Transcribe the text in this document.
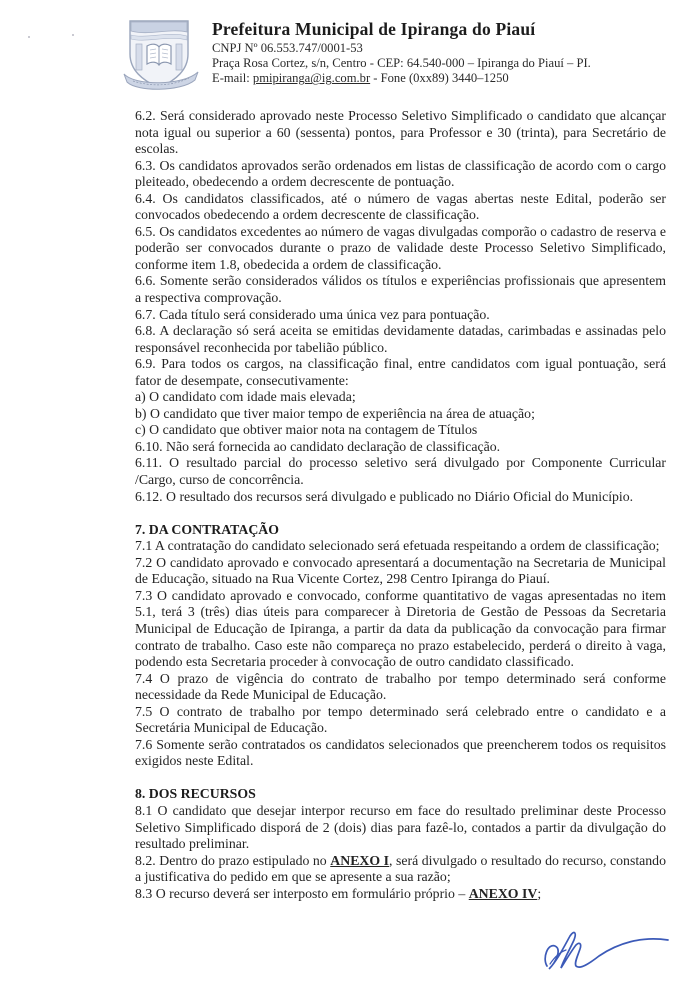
Prefeitura Municipal de Ipiranga do Piauí

CNPJ Nº 06.553.747/0001-53

Praça Rosa Cortez, s/n, Centro - CEP: 64.540-000 – Ipiranga do Piauí – PI.

E-mail: pmipiranga@ig.com.br - Fone (0xx89) 3440–1250

6.2. Será considerado aprovado neste Processo Seletivo Simplificado o candidato que alcançar nota igual ou superior a 60 (sessenta) pontos, para Professor e 30 (trinta), para Secretário de escolas.

6.3. Os candidatos aprovados serão ordenados em listas de classificação de acordo com o cargo pleiteado, obedecendo a ordem decrescente de pontuação.

6.4. Os candidatos classificados, até o número de vagas abertas neste Edital, poderão ser convocados obedecendo a ordem decrescente de classificação.

6.5. Os candidatos excedentes ao número de vagas divulgadas comporão o cadastro de reserva e poderão ser convocados durante o prazo de validade deste Processo Seletivo Simplificado, conforme item 1.8, obedecida a ordem de classificação.

6.6. Somente serão considerados válidos os títulos e experiências profissionais que apresentem a respectiva comprovação.

6.7. Cada título será considerado uma única vez para pontuação.

6.8. A declaração só será aceita se emitidas devidamente datadas, carimbadas e assinadas pelo responsável reconhecida por tabelião público.

6.9. Para todos os cargos, na classificação final, entre candidatos com igual pontuação, será fator de desempate, consecutivamente:

a) O candidato com idade mais elevada;

b) O candidato que tiver maior tempo de experiência na área de atuação;

c) O candidato que obtiver maior nota na contagem de Títulos

6.10. Não será fornecida ao candidato declaração de classificação.

6.11. O resultado parcial do processo seletivo será divulgado por Componente Curricular /Cargo, curso de concorrência.

6.12. O resultado dos recursos será divulgado e publicado no Diário Oficial do Município.

7. DA CONTRATAÇÃO

7.1 A contratação do candidato selecionado será efetuada respeitando a ordem de classificação;

7.2 O candidato aprovado e convocado apresentará a documentação na Secretaria de Municipal de Educação, situado na Rua Vicente Cortez, 298 Centro Ipiranga do Piauí.

7.3 O candidato aprovado e convocado, conforme quantitativo de vagas apresentadas no item 5.1, terá 3 (três) dias úteis para comparecer à Diretoria de Gestão de Pessoas da Secretaria Municipal de Educação de Ipiranga, a partir da data da publicação da convocação para firmar contrato de trabalho. Caso este não compareça no prazo estabelecido, perderá o direito à vaga, podendo esta Secretaria proceder à convocação de outro candidato classificado.

7.4 O prazo de vigência do contrato de trabalho por tempo determinado será conforme necessidade da Rede Municipal de Educação.

7.5 O contrato de trabalho por tempo determinado será celebrado entre o candidato e a Secretária Municipal de Educação.

7.6 Somente serão contratados os candidatos selecionados que preencherem todos os requisitos exigidos neste Edital.

8. DOS RECURSOS

8.1 O candidato que desejar interpor recurso em face do resultado preliminar deste Processo Seletivo Simplificado disporá de 2 (dois) dias para fazê-lo, contados a partir da divulgação do resultado preliminar.

8.2. Dentro do prazo estipulado no ANEXO I, será divulgado o resultado do recurso, constando a justificativa do pedido em que se apresente a sua razão;

8.3 O recurso deverá ser interposto em formulário próprio – ANEXO IV;
